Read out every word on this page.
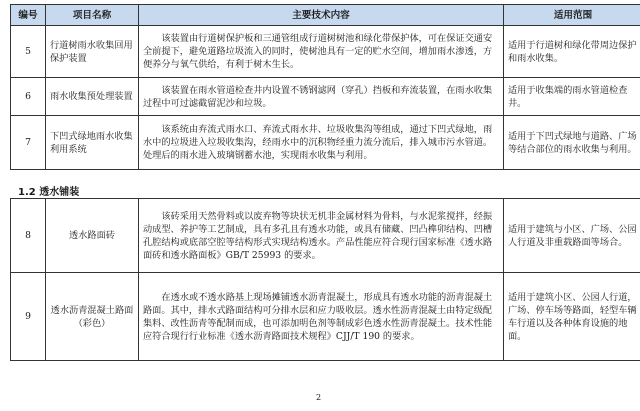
编号	项目名称	主要技术内容	适用范围
5	行道树雨水收集回用保护装置	该装置由行道树保护板和三通管组成行道树树池和绿化带保护体，可在保证交通安全前提下，避免道路垃圾流入的同时，使树池具有一定的贮水空间，增加雨水渗透，方便养分与氧气供给，有利于树木生长。	适用于行道树和绿化带周边保护和雨水收集。
6	雨水收集预处理装置	该装置在雨水管道检查井内设置不锈钢滤网（穿孔）挡板和弃流装置，在雨水收集过程中可过滤截留泥沙和垃圾。	适用于收集端的雨水管道检查井。
7	下凹式绿地雨水收集利用系统	该系统由弃流式雨水口、弃流式雨水井、垃圾收集沟等组成，通过下凹式绿地，雨水中的垃圾进入垃圾收集沟，经雨水中的沉积物经重力流分流后，排入城市污水管道。处理后的雨水进入玻璃钢蓄水池，实现雨水收集与利用。	适用于下凹式绿地与道路、广场等结合部位的雨水收集与利用。
1.2 透水铺装
8	透水路面砖	该砖采用天然骨料或以废弃物等块状无机非金属材料为骨料，与水泥浆搅拌，经振动成型、养护等工艺制成，具有多孔且有透水功能，或具有储藏、凹凸榫卯结构、凹槽孔腔结构或底部空腔等结构形式实现结构透水。产品性能应符合现行国家标准《透水路面砖和透水路面板》GB/T 25993 的要求。	适用于建筑与小区、广场、公园人行道及非重载路面等场合。
9	透水沥青混凝土路面（彩色）	在透水或不透水路基上现场摊铺透水沥青混凝土，形成具有透水功能的沥青混凝土路面。其中，排水式路面结构可分排水层和应力吸收层。透水性沥青混凝土由特定级配集料、改性沥青等配制而成，也可添加明色剂等制成彩色透水性沥青混凝土。技术性能应符合现行行业标准《透水沥青路面技术规程》CJJ/T 190 的要求。	适用于建筑小区、公园人行道，广场、停车场等路面，轻型车辆车行道以及各种体育设施的地面。
2
